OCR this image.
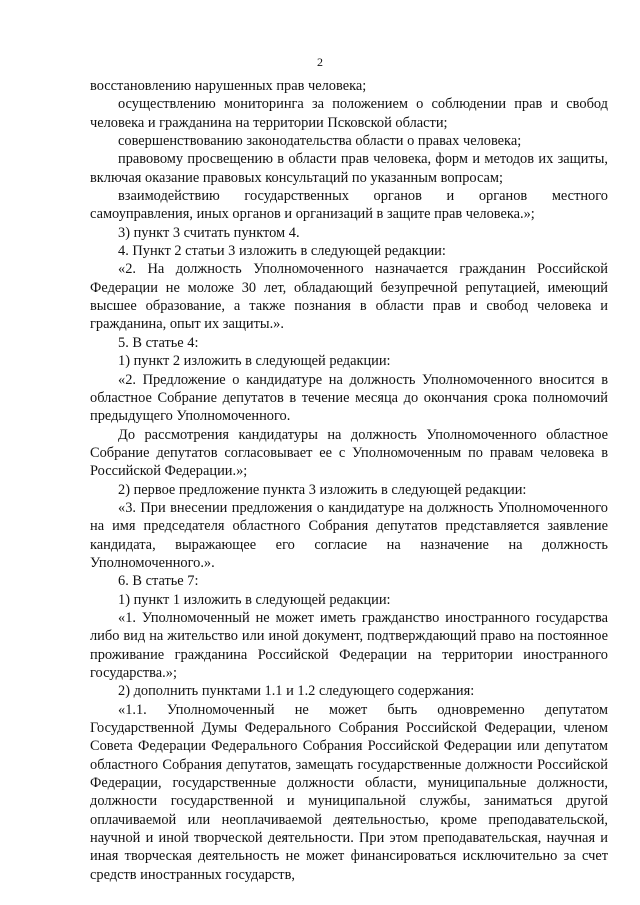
2

восстановлению нарушенных прав человека;

осуществлению мониторинга за положением о соблюдении прав и свобод человека и гражданина на территории Псковской области;

совершенствованию законодательства области о правах человека;

правовому просвещению в области прав человека, форм и методов их защиты, включая оказание правовых консультаций по указанным вопросам;

взаимодействию государственных органов и органов местного самоуправления, иных органов и организаций в защите прав человека.»;

3) пункт 3 считать пунктом 4.

4. Пункт 2 статьи 3 изложить в следующей редакции:

«2. На должность Уполномоченного назначается гражданин Российской Федерации не моложе 30 лет, обладающий безупречной репутацией, имеющий высшее образование, а также познания в области прав и свобод человека и гражданина, опыт их защиты.».

5. В статье 4:

1) пункт 2 изложить в следующей редакции:

«2. Предложение о кандидатуре на должность Уполномоченного вносится в областное Собрание депутатов в течение месяца до окончания срока полномочий предыдущего Уполномоченного.

До рассмотрения кандидатуры на должность Уполномоченного областное Собрание депутатов согласовывает ее с Уполномоченным по правам человека в Российской Федерации.»;

2) первое предложение пункта 3 изложить в следующей редакции:

«3. При внесении предложения о кандидатуре на должность Уполномоченного на имя председателя областного Собрания депутатов представляется заявление кандидата, выражающее его согласие на назначение на должность Уполномоченного.».

6. В статье 7:

1) пункт 1 изложить в следующей редакции:

«1. Уполномоченный не может иметь гражданство иностранного государства либо вид на жительство или иной документ, подтверждающий право на постоянное проживание гражданина Российской Федерации на территории иностранного государства.»;

2) дополнить пунктами 1.1 и 1.2 следующего содержания:

«1.1. Уполномоченный не может быть одновременно депутатом Государственной Думы Федерального Собрания Российской Федерации, членом Совета Федерации Федерального Собрания Российской Федерации или депутатом областного Собрания депутатов, замещать государственные должности Российской Федерации, государственные должности области, муниципальные должности, должности государственной и муниципальной службы, заниматься другой оплачиваемой или неоплачиваемой деятельностью, кроме преподавательской, научной и иной творческой деятельности. При этом преподавательская, научная и иная творческая деятельность не может финансироваться исключительно за счет средств иностранных государств,
